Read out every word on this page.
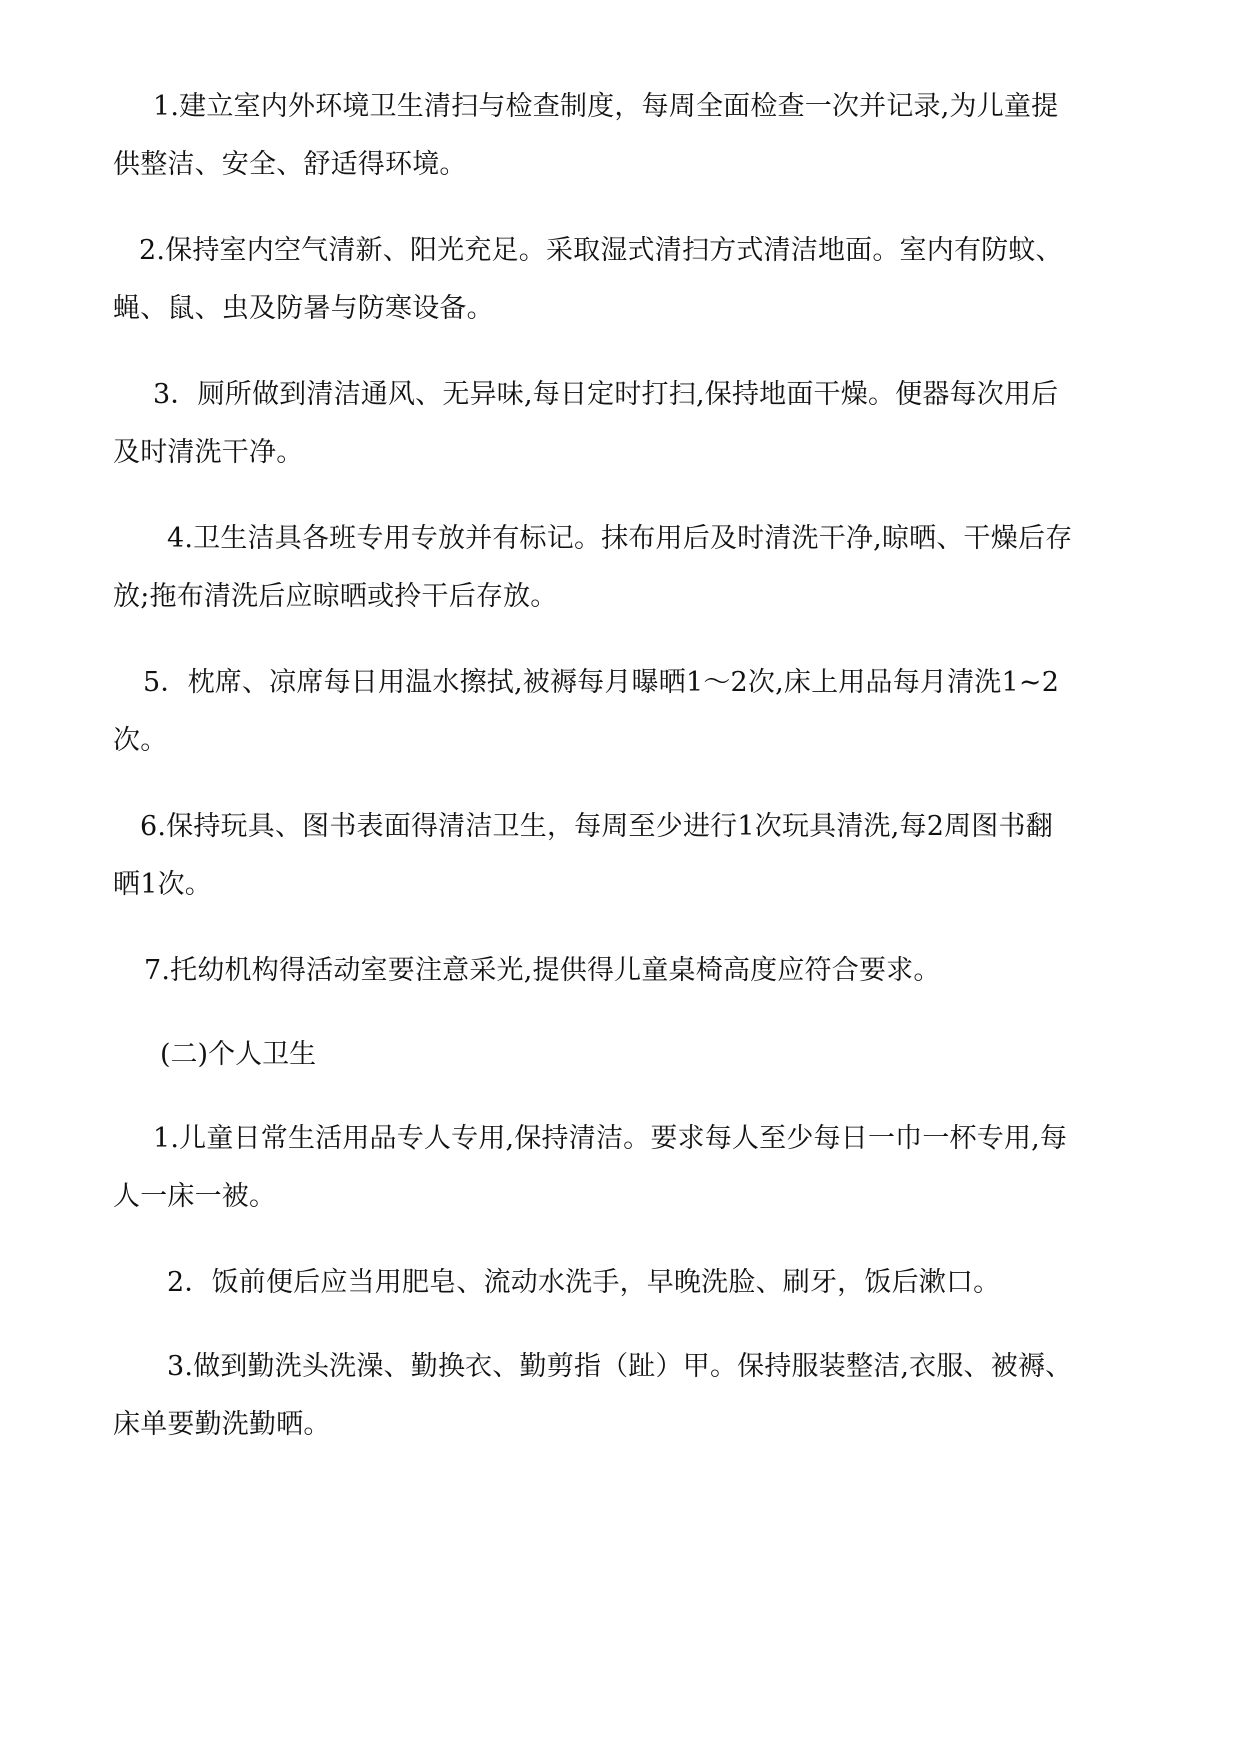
1.建立室内外环境卫生清扫与检查制度，每周全面检查一次并记录,为儿童提
供整洁、安全、舒适得环境。
2.保持室内空气清新、阳光充足。采取湿式清扫方式清洁地面。室内有防蚊、
蝇、鼠、虫及防暑与防寒设备。
3．厕所做到清洁通风、无异味,每日定时打扫,保持地面干燥。便器每次用后
及时清洗干净。
4.卫生洁具各班专用专放并有标记。抹布用后及时清洗干净,晾晒、干燥后存
放;拖布清洗后应晾晒或拎干后存放。
5．枕席、凉席每日用温水擦拭,被褥每月曝晒1～2次,床上用品每月清洗1~2
次。
6.保持玩具、图书表面得清洁卫生，每周至少进行1次玩具清洗,每2周图书翻
晒1次。
7.托幼机构得活动室要注意采光,提供得儿童桌椅高度应符合要求。

(二)个人卫生

1.儿童日常生活用品专人专用,保持清洁。要求每人至少每日一巾一杯专用,每
人一床一被。
2．饭前便后应当用肥皂、流动水洗手，早晚洗脸、刷牙，饭后漱口。
3.做到勤洗头洗澡、勤换衣、勤剪指（趾）甲。保持服装整洁,衣服、被褥、
床单要勤洗勤晒。
